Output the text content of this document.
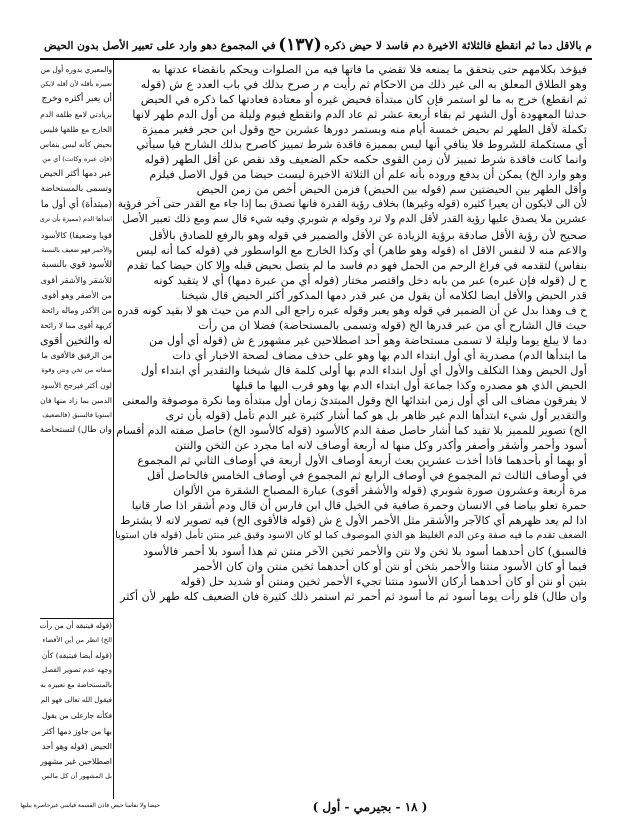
م بالاقل دما ثم انقطع فالثلاثة الاخيرة دم فاسد لا حيض ذكره
(١٣٧)
في المجموع دهو وارد على تعبير الأصل بدون الحيض
فيؤخذ بكلامهم حتى يتحقق ما يمنعه فلا تقضي ما فاتها فيه من الصلوات ويحكم بانقضاء عدتها به
وهو الطلاق المعلق به الى غير ذلك من الاحكام ثم رأيت م ر صرح بذلك في باب العدد ع ش (قوله
ثم انقطع) خرج به ما لو استمر فإن كان مبتدأة فحيض غيره أو معتادة فعادتها كما ذكره في الحيض
حدثنا المعهودة أول الشهر ثم بقاء أربعة عشر ثم عاد الدم وانقطع فيوم وليلة من أول الدم طهر لانها
تكملة لأقل الطهر ثم بحيض خمسة أيام منه وبستمر دورها عشرين حج وقول ابن حجر فغير مميزة
أي مستكملة للشروط فلا ينافي أنها ليس بمميزة فاقدة شرط تمييز كاصرح بذلك الشارح فيا سيأتي
وانما كانت فاقدة شرط تمييز لأن زمن القوى حكمه حكم الضعيف وقد نقص عن أقل الطهر (قوله
وهو وارد الخ) يمكن أن يدفع وروده بأنه علم أن الثلاثة الاخيرة ليست حيضا من قول الاصل فيلزم
وأقل الطهر بين الحيضتين سم (قوله بين الحيض) فزمن الحيض أخص من زمن الحيض
لأن الى لايكون أن يعيرا كثيره (قوله وغيرها) بخلاف رؤية القدرة فانها تصدق بما إذا جاء مع القدر حتى آخر فرؤية
عشرين ملا يصدق عليها رؤية القدر لأقل الدم ولا ترد وقوله م شوبري وفيه شيء قال سم ومع ذلك تعبير الأصل
صحيح لأن رؤية الأقل صادقة برؤية الزيادة عن الأقل والضمير في قوله وهو بالرفع للصادق بالأقل
والاعم منه لا لنفس الاقل اه (قوله وهو طاهر) أي وكذا الخارج مع الواسطور في (قوله كما أنه ليس
بنفاس) لتقدمه في فراغ الرحم من الحمل فهو دم فاسد ما لم يتصل بحيض قبله وإلا كان حيضا كما تقدم
ح ل (قوله فإن عبره) عبر من بابه دخل واقتصر مختار (قوله أي من عبرة دمها) أي لا يتقيد كونه
قدر الحيض والأقل ايضا لكلامه أن يقول من عبر قدر دمها المذكور أكثر الحيض قال شيخنا
ح ف وهذا بدل عن أن الضمير في قوله وهو يعبر وقوله عبره راجع الى الدم من حيث هو لا بقيد كونه قدره
حيث قال الشارح أي من عبر قدرها الخ (قوله وتسمى بالمستحاضة) فضلا ان من رأت
دما لا يبلغ يوما وليلة لا تسمى مستحاضة وهو أحد اصطلاحين غير مشهور ع ش (قوله أي أول من
ما ابتدأها الدم) مصدرية أي أول ابتداء الدم بها وهو على حذف مضاف لصحة الاخبار أي ذات
أول الحيض وهذا التكلف والأول أي أول ابتداء الدم بها أولى كلمة قال شيخنا والتقدير أي ابتداء أول
الحيض الذي هو مصدره وكذا جماعة أول ابتداء الدم بها وهو قرب اليها ما قبلها
لا يفرقون مضاف الى أي أول زمن ابتدائها الخ وقول المبتدئ زمان أول مبتدأة وما نكرة موصوفة والمعنى
والتقدير أول شيء ابتدأها الدم غير ظاهر بل هو كما أشار كثيرة غير الدم تأمل (قوله بأن ترى
الخ) تصوير للمميز بلا تقيد كما أشار حاصل صفة الدم كالأسود (قوله كالأسود الخ) حاصل صفته الدم أقسام
أسود وأحمر وأشقر وأصفر وأكدر وكل منها له أربعة أوصاف لانه اما مجرد عن الثخن والنتن
أو بهما أو بأحدهما فاذا أخذت عشرين بعث أربعة أوصاف الأول أربعة في أوصاف الثاني ثم المجموع
في أوصاف الثالث ثم المجموع في أوصاف الرابع ثم المجموع في أوصاف الخامس فالحاصل أقل
مرة أربعة وعشرون صورة شوبري (قوله والأشقر أقوى) عبارة المصباح الشقرة من الألوان
حمرة تعلو بياضا في الانسان وحمرة صافية في الخيل قال ابن فارس أن قال ودم أشقر اذا صار قانيا
اذا لم يعد ظهرهم أي كالآجر والأشقر مثل الأحمر الأول ع ش (قوله فالأقوى الخ) فيه تصوير لانه لا يشترط
الضعف تقدم ما فيه صفة وعن الدم الغليظ هو الذي الموصوف كما لو كان الاسود وقيق غير منتن تأمل (قوله فان استويا
فالسبق) كان أحدهما أسود بلا ثخن ولا نتن والأحمر ثخين الآخر منتن ثم هذا أسود بلا أحمر فالأسود
فيما أو كان الأسود منتنا والأحمر بثخن أو نتن أو كان أحدهما ثخين منتن وان كان الأحمر
بتين أو نتن أو كان أحدهما أركان الأسود منتنا تجيء الأحمر ثخين ومنتن أو شديد حل (قوله
وان طال) فلو رأت يوما أسود ثم ما أسود ثم أحمر ثم استمر ذلك كثيرة فان الضعيف كله طهر لأن أكثر
والمعبري بدوره أول من
تعبيره بأقله لأن أقله لايكن
أن يعبر أكثره وخرج
بزيادتي لامع طلقه الدم
الخارج مع طلقها فليس
بحيض كأنه ليس بنفاس
(فإن عبره وكانت) أي من
عبر دمها أكثر الحيض
وتسمى بالمستحاضة
(مبتدأة) أي أول ما
ابتدأها الدم (مميزة بأن ترى
قويا وضعيفا) كالأسود
والأحمر فهو ضعيف بالنسبة
للأسود قوي بالنسبة
للأشقر والأشقر أقوى
من الأصفر وهو أقوى
من الأكدر وماله رائحة
كريهة أقوى مما لا رائحة
له والثخين أقوى
من الرقيق فالأقوى ما
صفاته من ثخن ونتن وقوة
لون أكثر فيرجح الأسود
الدمين بما زاد منها فان
استويا فالسبق (فالضعيف
وان طال) لتستحاضة
(قوله فيتبقه أن من رأت
الخ) انظر من أين الأقضاء
(قوله أيضا فيتبقه) كأن
وجهه عدم تصوير الفصل
بالمستحاضة مع تعبيره به
فيقول الله تعالى فهو الم
فكأنه جارعلى من يقول
بها من جاوز دمها أكثر
الحيض (قوله وهو أحد
اصطلاحين غير مشهور
بل المشهور أن كل مالس
( ١٨ - بجيرمي - أول )
حيضا ولا نفاسا حيض فاذن القسمة قياسي غيرحاصرة بيليها
